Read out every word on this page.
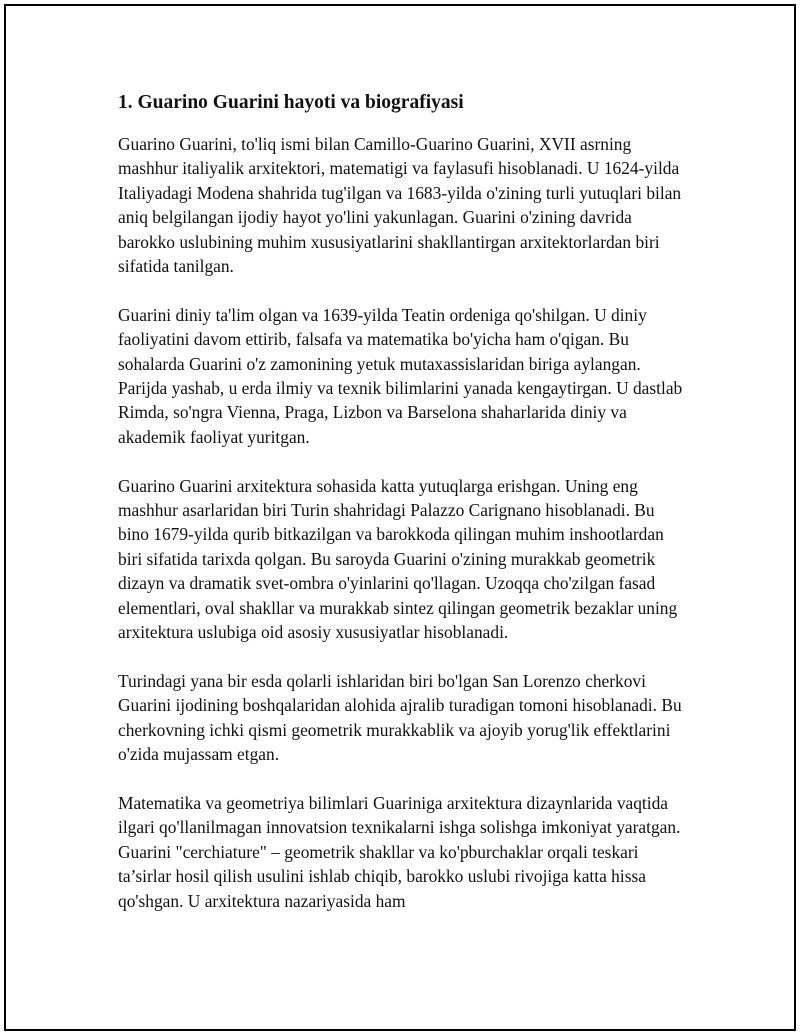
1. Guarino Guarini hayoti va biografiyasi

Guarino Guarini, to'liq ismi bilan Camillo-Guarino Guarini, XVII asrning mashhur italiyalik arxitektori, matematigi va faylasufi hisoblanadi. U 1624-yilda Italiyadagi Modena shahrida tug'ilgan va 1683-yilda o'zining turli yutuqlari bilan aniq belgilangan ijodiy hayot yo'lini yakunlagan. Guarini o'zining davrida barokko uslubining muhim xususiyatlarini shakllantirgan arxitektorlardan biri sifatida tanilgan.

Guarini diniy ta'lim olgan va 1639-yilda Teatin ordeniga qo'shilgan. U diniy faoliyatini davom ettirib, falsafa va matematika bo'yicha ham o'qigan. Bu sohalarda Guarini o'z zamonining yetuk mutaxassislaridan biriga aylangan. Parijda yashab, u erda ilmiy va texnik bilimlarini yanada kengaytirgan. U dastlab Rimda, so'ngra Vienna, Praga, Lizbon va Barselona shaharlarida diniy va akademik faoliyat yuritgan.

Guarino Guarini arxitektura sohasida katta yutuqlarga erishgan. Uning eng mashhur asarlaridan biri Turin shahridagi Palazzo Carignano hisoblanadi. Bu bino 1679-yilda qurib bitkazilgan va barokkoda qilingan muhim inshootlardan biri sifatida tarixda qolgan. Bu saroyda Guarini o'zining murakkab geometrik dizayn va dramatik svet-ombra o'yinlarini qo'llagan. Uzoqqa cho'zilgan fasad elementlari, oval shakllar va murakkab sintez qilingan geometrik bezaklar uning arxitektura uslubiga oid asosiy xususiyatlar hisoblanadi.

Turindagi yana bir esda qolarli ishlaridan biri bo'lgan San Lorenzo cherkovi Guarini ijodining boshqalaridan alohida ajralib turadigan tomoni hisoblanadi. Bu cherkovning ichki qismi geometrik murakkablik va ajoyib yorug'lik effektlarini o'zida mujassam etgan.

Matematika va geometriya bilimlari Guariniga arxitektura dizaynlarida vaqtida ilgari qo'llanilmagan innovatsion texnikalarni ishga solishga imkoniyat yaratgan. Guarini "cerchiature" – geometrik shakllar va ko'pburchaklar orqali teskari ta’sirlar hosil qilish usulini ishlab chiqib, barokko uslubi rivojiga katta hissa qo'shgan. U arxitektura nazariyasida ham
